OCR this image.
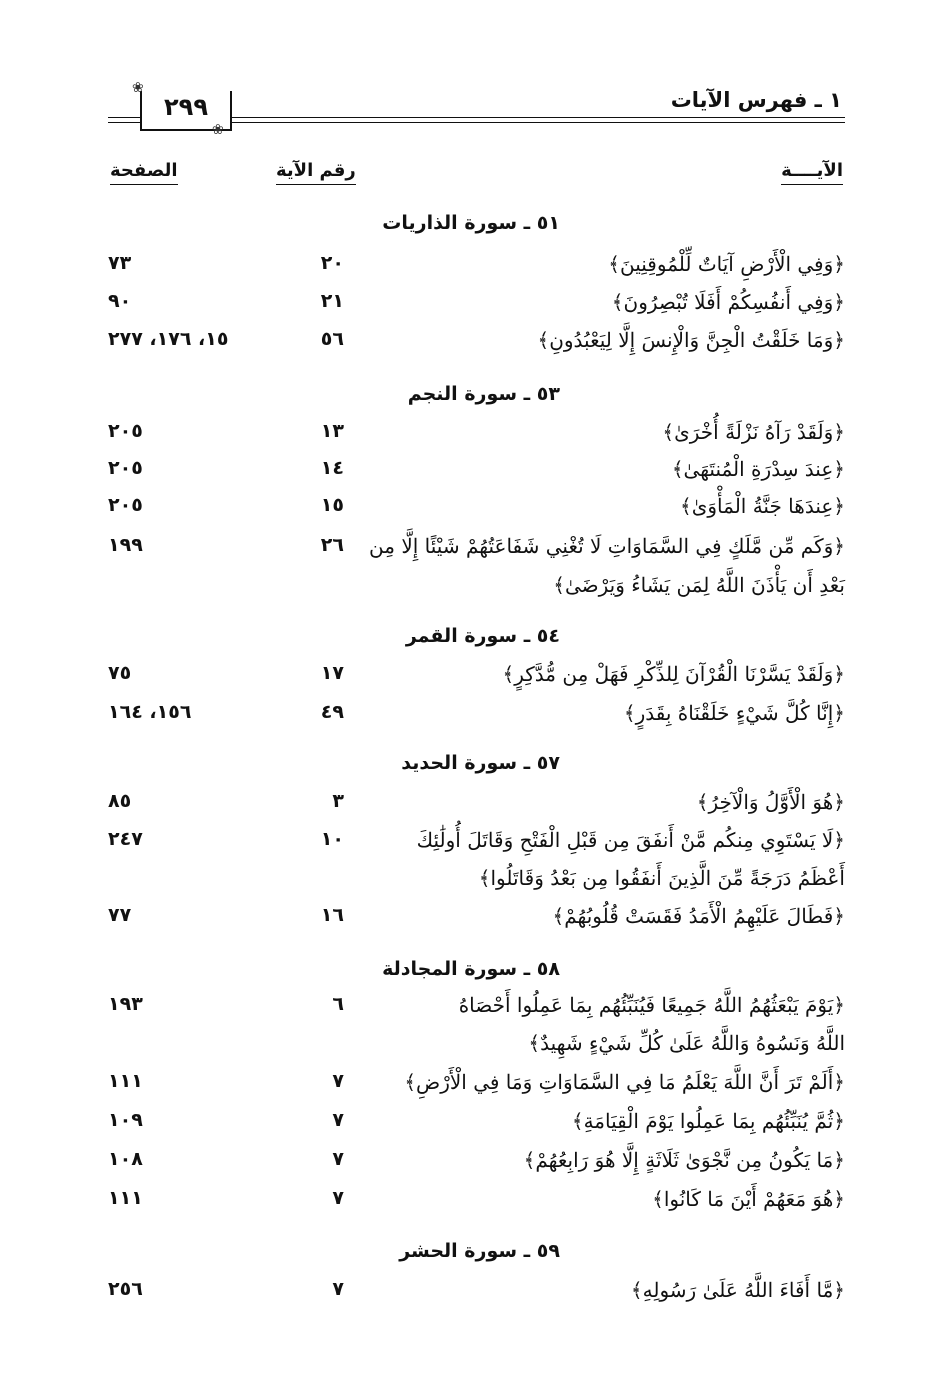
١ ـ فهرس الآيات
٢٩٩
❀
❀
الآيــــة
رقم الآية
الصفحة
٥١ ـ سورة الذاريات
﴿وَفِي الْأَرْضِ آيَاتٌ لِّلْمُوقِنِينَ﴾
٢٠
٧٣
﴿وَفِي أَنفُسِكُمْ أَفَلَا تُبْصِرُونَ﴾
٢١
٩٠
﴿وَمَا خَلَقْتُ الْجِنَّ وَالْإِنسَ إِلَّا لِيَعْبُدُونِ﴾
٥٦
١٥، ١٧٦، ٢٧٧
٥٣ ـ سورة النجم
﴿وَلَقَدْ رَآهُ نَزْلَةً أُخْرَىٰ﴾
١٣
٢٠٥
﴿عِندَ سِدْرَةِ الْمُنتَهَىٰ﴾
١٤
٢٠٥
﴿عِندَهَا جَنَّةُ الْمَأْوَىٰ﴾
١٥
٢٠٥
﴿وَكَم مِّن مَّلَكٍ فِي السَّمَاوَاتِ لَا تُغْنِي شَفَاعَتُهُمْ شَيْئًا إِلَّا مِن
٢٦
١٩٩
بَعْدِ أَن يَأْذَنَ اللَّهُ لِمَن يَشَاءُ وَيَرْضَىٰ﴾
٥٤ ـ سورة القمر
﴿وَلَقَدْ يَسَّرْنَا الْقُرْآنَ لِلذِّكْرِ فَهَلْ مِن مُّدَّكِرٍ﴾
١٧
٧٥
﴿إِنَّا كُلَّ شَيْءٍ خَلَقْنَاهُ بِقَدَرٍ﴾
٤٩
١٥٦، ١٦٤
٥٧ ـ سورة الحديد
﴿هُوَ الْأَوَّلُ وَالْآخِرُ﴾
٣
٨٥
﴿لَا يَسْتَوِي مِنكُم مَّنْ أَنفَقَ مِن قَبْلِ الْفَتْحِ وَقَاتَلَ أُولَٰئِكَ
١٠
٢٤٧
أَعْظَمُ دَرَجَةً مِّنَ الَّذِينَ أَنفَقُوا مِن بَعْدُ وَقَاتَلُوا﴾
﴿فَطَالَ عَلَيْهِمُ الْأَمَدُ فَقَسَتْ قُلُوبُهُمْ﴾
١٦
٧٧
٥٨ ـ سورة المجادلة
﴿يَوْمَ يَبْعَثُهُمُ اللَّهُ جَمِيعًا فَيُنَبِّئُهُم بِمَا عَمِلُوا أَحْصَاهُ
٦
١٩٣
اللَّهُ وَنَسُوهُ وَاللَّهُ عَلَىٰ كُلِّ شَيْءٍ شَهِيدٌ﴾
﴿أَلَمْ تَرَ أَنَّ اللَّهَ يَعْلَمُ مَا فِي السَّمَاوَاتِ وَمَا فِي الْأَرْضِ﴾
٧
١١١
﴿ثُمَّ يُنَبِّئُهُم بِمَا عَمِلُوا يَوْمَ الْقِيَامَةِ﴾
٧
١٠٩
﴿مَا يَكُونُ مِن نَّجْوَىٰ ثَلَاثَةٍ إِلَّا هُوَ رَابِعُهُمْ﴾
٧
١٠٨
﴿هُوَ مَعَهُمْ أَيْنَ مَا كَانُوا﴾
٧
١١١
٥٩ ـ سورة الحشر
﴿مَّا أَفَاءَ اللَّهُ عَلَىٰ رَسُولِهِ﴾
٧
٢٥٦
